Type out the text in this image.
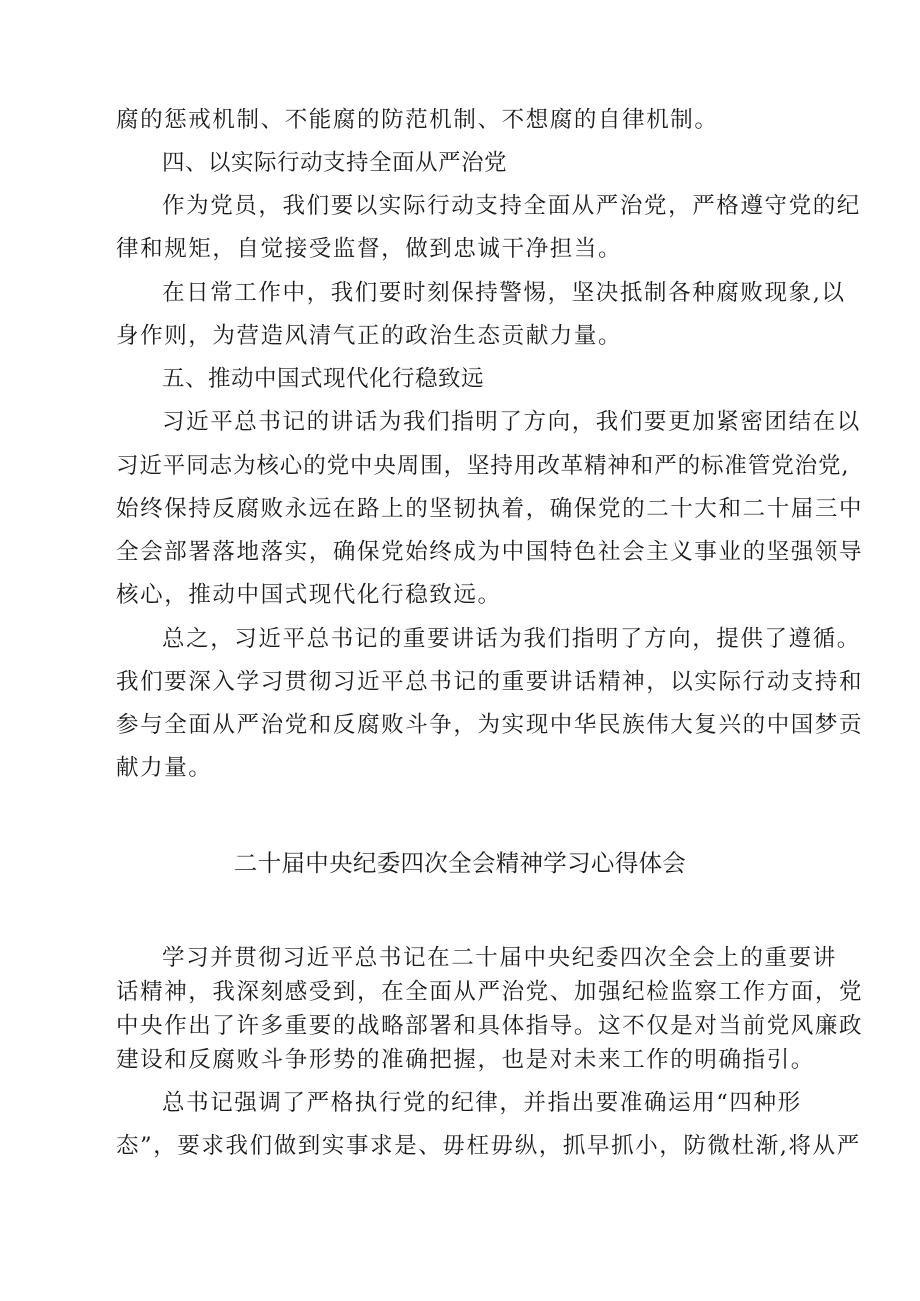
腐的惩戒机制、不能腐的防范机制、不想腐的自律机制。
四、以实际行动支持全面从严治党
作为党员，我们要以实际行动支持全面从严治党，严格遵守党的纪
律和规矩，自觉接受监督，做到忠诚干净担当。
在日常工作中，我们要时刻保持警惕，坚决抵制各种腐败现象,以
身作则，为营造风清气正的政治生态贡献力量。
五、推动中国式现代化行稳致远
习近平总书记的讲话为我们指明了方向，我们要更加紧密团结在以
习近平同志为核心的党中央周围，坚持用改革精神和严的标准管党治党,
始终保持反腐败永远在路上的坚韧执着，确保党的二十大和二十届三中
全会部署落地落实，确保党始终成为中国特色社会主义事业的坚强领导
核心，推动中国式现代化行稳致远。
总之，习近平总书记的重要讲话为我们指明了方向，提供了遵循。
我们要深入学习贯彻习近平总书记的重要讲话精神，以实际行动支持和
参与全面从严治党和反腐败斗争，为实现中华民族伟大复兴的中国梦贡
献力量。
二十届中央纪委四次全会精神学习心得体会
学习并贯彻习近平总书记在二十届中央纪委四次全会上的重要讲
话精神，我深刻感受到，在全面从严治党、加强纪检监察工作方面，党
中央作出了许多重要的战略部署和具体指导。这不仅是对当前党风廉政
建设和反腐败斗争形势的准确把握，也是对未来工作的明确指引。
总书记强调了严格执行党的纪律，并指出要准确运用“四种形
态”，要求我们做到实事求是、毋枉毋纵，抓早抓小，防微杜渐,将从严
